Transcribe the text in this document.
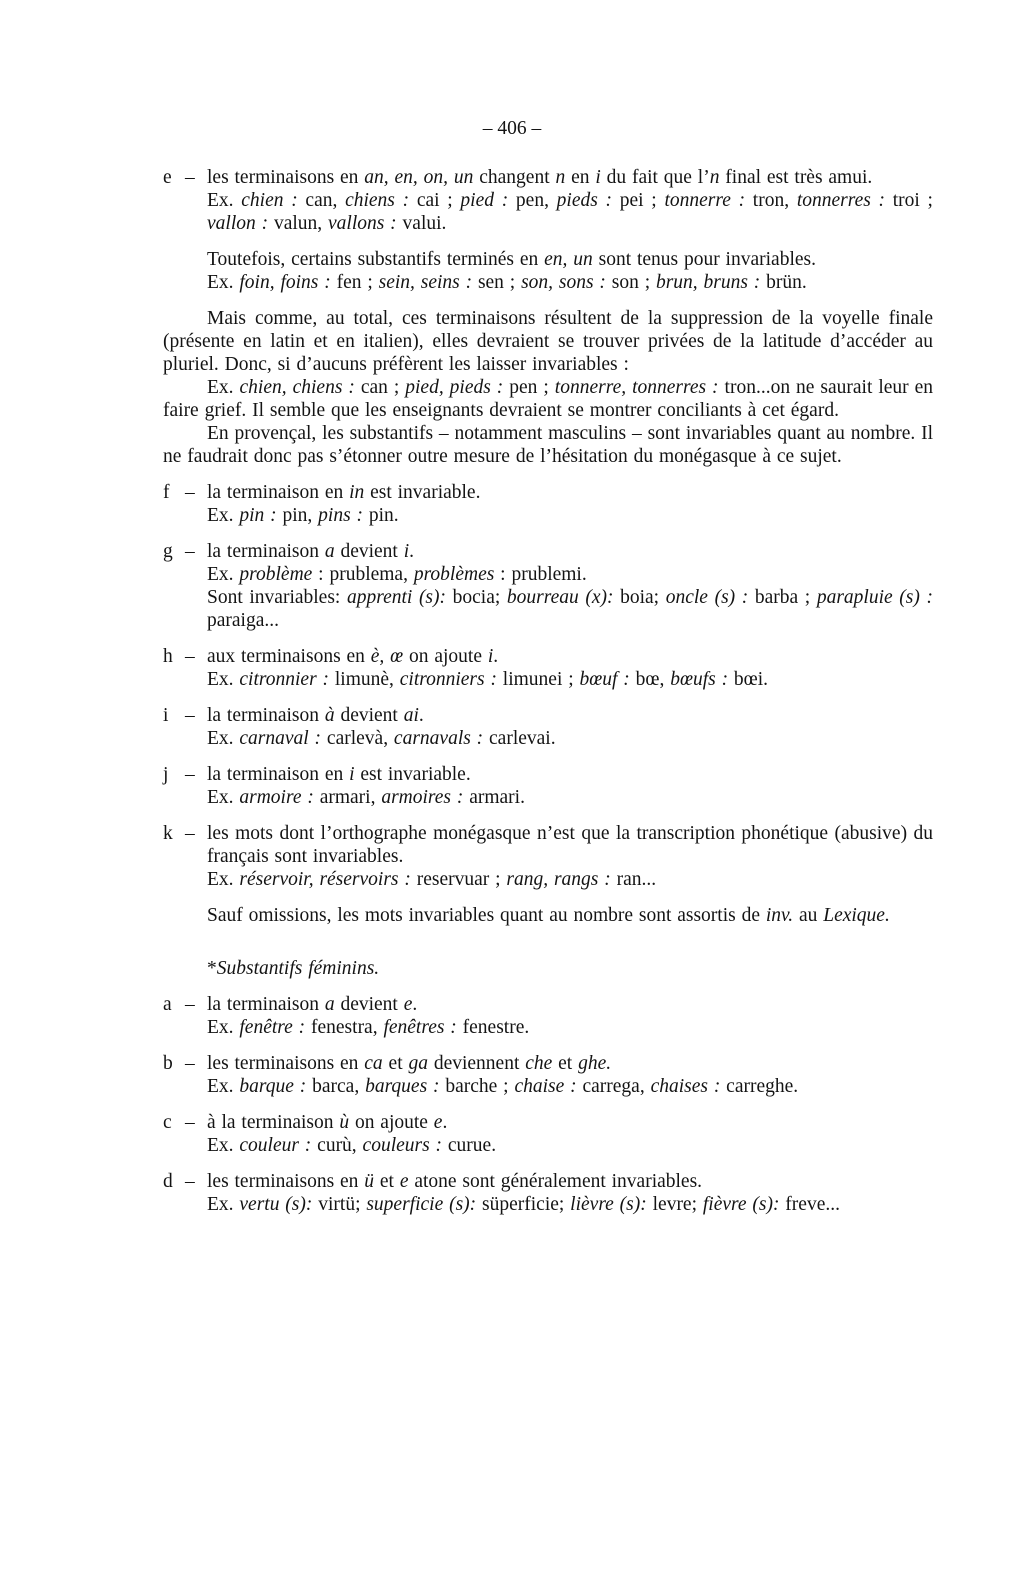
– 406 –
e – les terminaisons en an, en, on, un changent n en i du fait que l’n final est très amui.

Ex. chien : can, chiens : cai ; pied : pen, pieds : pei ; tonnerre : tron, tonnerres : troi ; vallon : valun, vallons : valui.

Toutefois, certains substantifs terminés en en, un sont tenus pour invariables.

Ex. foin, foins : fen ; sein, seins : sen ; son, sons : son ; brun, bruns : brün.

Mais comme, au total, ces terminaisons résultent de la suppression de la voyelle finale (présente en latin et en italien), elles devraient se trouver privées de la latitude d’accéder au pluriel. Donc, si d’aucuns préfèrent les laisser invariables :

Ex. chien, chiens : can ; pied, pieds : pen ; tonnerre, tonnerres : tron...on ne saurait leur en faire grief. Il semble que les enseignants devraient se montrer conciliants à cet égard.

En provençal, les substantifs – notamment masculins – sont invariables quant au nombre. Il ne faudrait donc pas s’étonner outre mesure de l’hésitation du monégasque à ce sujet.

f – la terminaison en in est invariable.

Ex. pin : pin, pins : pin.

g – la terminaison a devient i.

Ex. problème : prublema, problèmes : prublemi.

Sont invariables: apprenti (s): bocia; bourreau (x): boia; oncle (s) : barba ; parapluie (s) : paraiga...

h – aux terminaisons en è, œ on ajoute i.

Ex. citronnier : limunè, citronniers : limunei ; bœuf : bœ, bœufs : bœi.

i – la terminaison à devient ai.

Ex. carnaval : carlevà, carnavals : carlevai.

j – la terminaison en i est invariable.

Ex. armoire : armari, armoires : armari.

k – les mots dont l’orthographe monégasque n’est que la transcription phonétique (abusive) du français sont invariables.

Ex. réservoir, réservoirs : reservuar ; rang, rangs : ran...

Sauf omissions, les mots invariables quant au nombre sont assortis de inv. au Lexique.

*Substantifs féminins.

a – la terminaison a devient e.

Ex. fenêtre : fenestra, fenêtres : fenestre.

b – les terminaisons en ca et ga deviennent che et ghe.

Ex. barque : barca, barques : barche ; chaise : carrega, chaises : carreghe.

c – à la terminaison ù on ajoute e.

Ex. couleur : curù, couleurs : curue.

d – les terminaisons en ü et e atone sont généralement invariables.

Ex. vertu (s): virtü; superficie (s): süperficie; lièvre (s): levre; fièvre (s): freve...
